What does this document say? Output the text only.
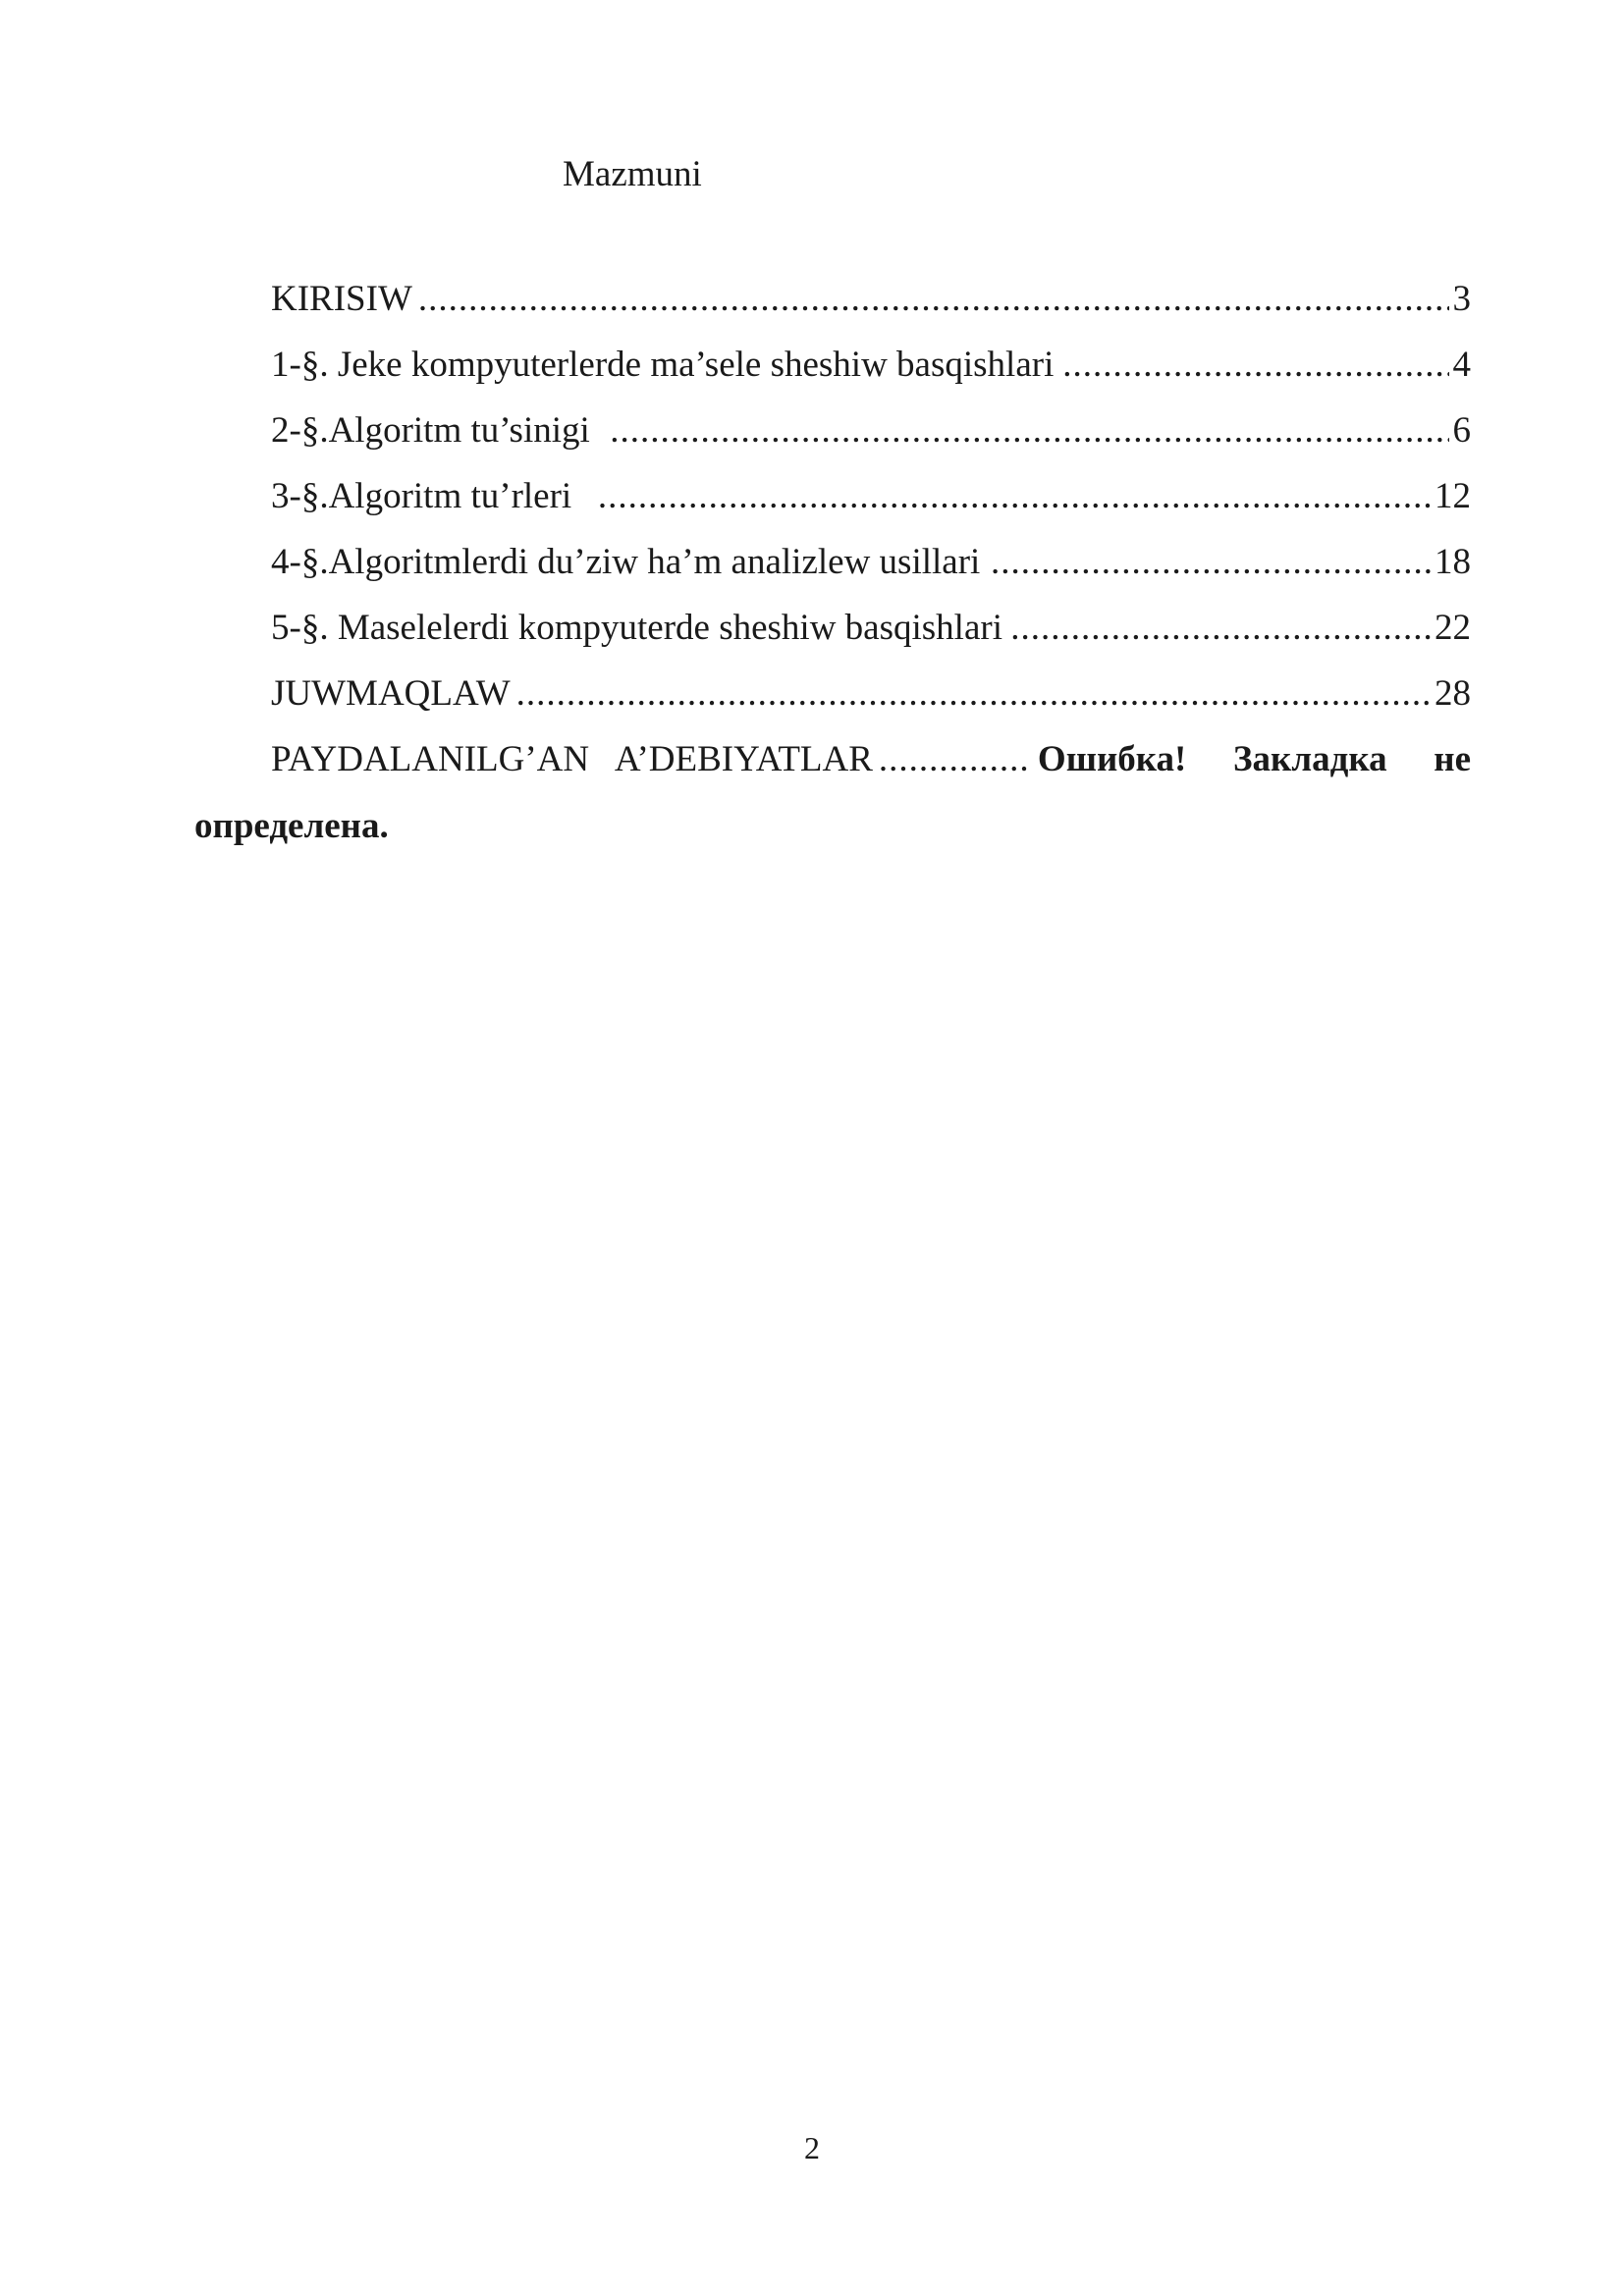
Mazmuni
KIRISIW .....	3
1-§. Jeke kompyuterlerde ma’sele sheshiw basqishlari .....	4
2-§.Algoritm tu’sinigi .....	6
3-§.Algoritm tu’rleri .....	12
4-§.Algoritmlerdi du’ziw ha’m analizlew usillari .....	18
5-§. Maselelerdi kompyuterde sheshiw basqishlari .....	22
JUWMAQLAW .....	28
PAYDALANILG’AN   A’DEBIYATLAR .....	Ошибка! Закладка не
определена.
2
